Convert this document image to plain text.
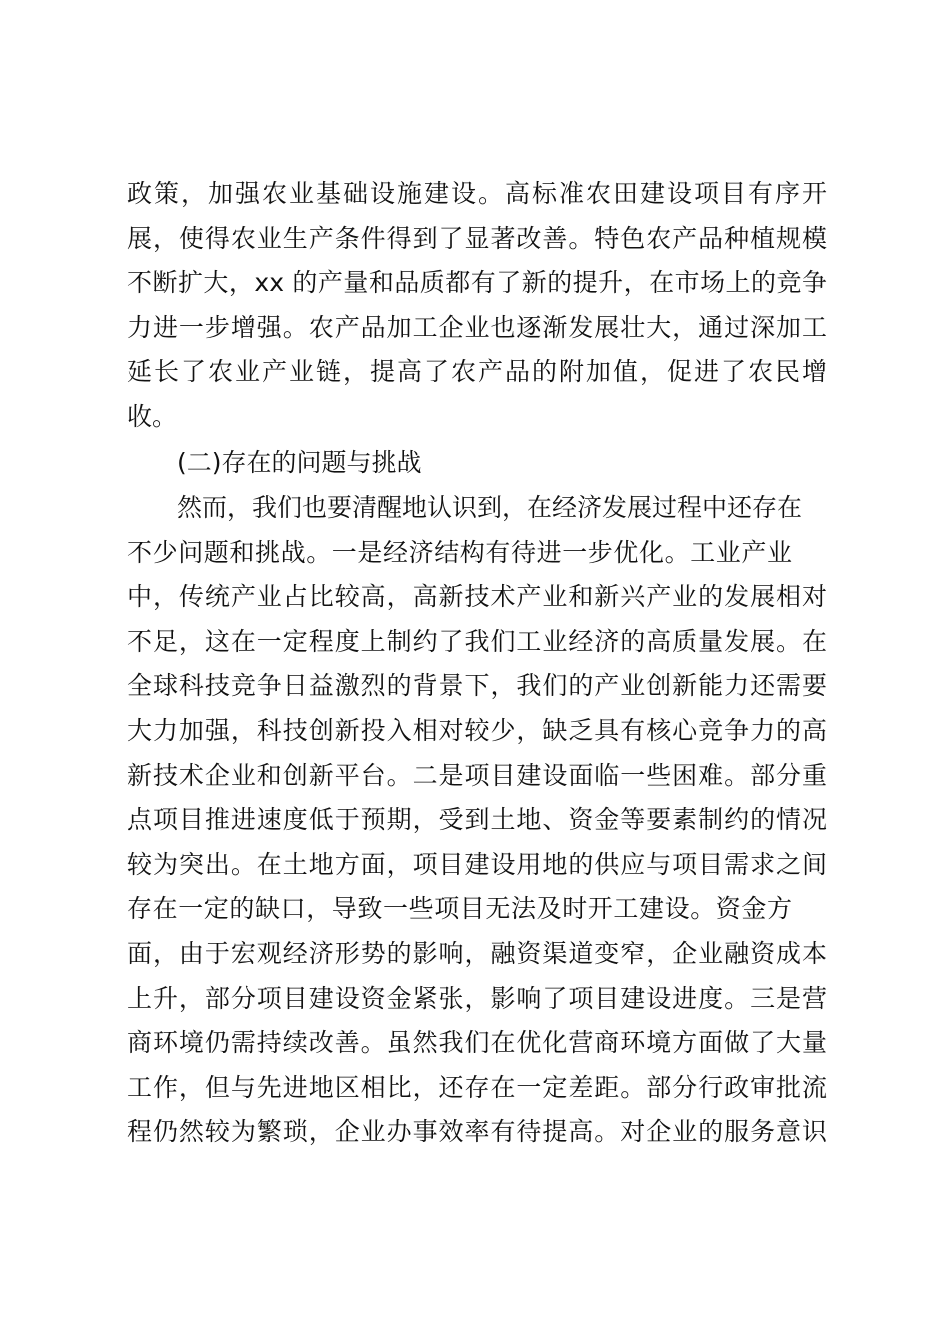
政策，加强农业基础设施建设。高标准农田建设项目有序开
展，使得农业生产条件得到了显著改善。特色农产品种植规模
不断扩大，xx 的产量和品质都有了新的提升，在市场上的竞争
力进一步增强。农产品加工企业也逐渐发展壮大，通过深加工
延长了农业产业链，提高了农产品的附加值，促进了农民增
收。
(二)存在的问题与挑战
然而，我们也要清醒地认识到，在经济发展过程中还存在
不少问题和挑战。一是经济结构有待进一步优化。工业产业
中，传统产业占比较高，高新技术产业和新兴产业的发展相对
不足，这在一定程度上制约了我们工业经济的高质量发展。在
全球科技竞争日益激烈的背景下，我们的产业创新能力还需要
大力加强，科技创新投入相对较少，缺乏具有核心竞争力的高
新技术企业和创新平台。二是项目建设面临一些困难。部分重
点项目推进速度低于预期，受到土地、资金等要素制约的情况
较为突出。在土地方面，项目建设用地的供应与项目需求之间
存在一定的缺口，导致一些项目无法及时开工建设。资金方
面，由于宏观经济形势的影响，融资渠道变窄，企业融资成本
上升，部分项目建设资金紧张，影响了项目建设进度。三是营
商环境仍需持续改善。虽然我们在优化营商环境方面做了大量
工作，但与先进地区相比，还存在一定差距。部分行政审批流
程仍然较为繁琐，企业办事效率有待提高。对企业的服务意识
